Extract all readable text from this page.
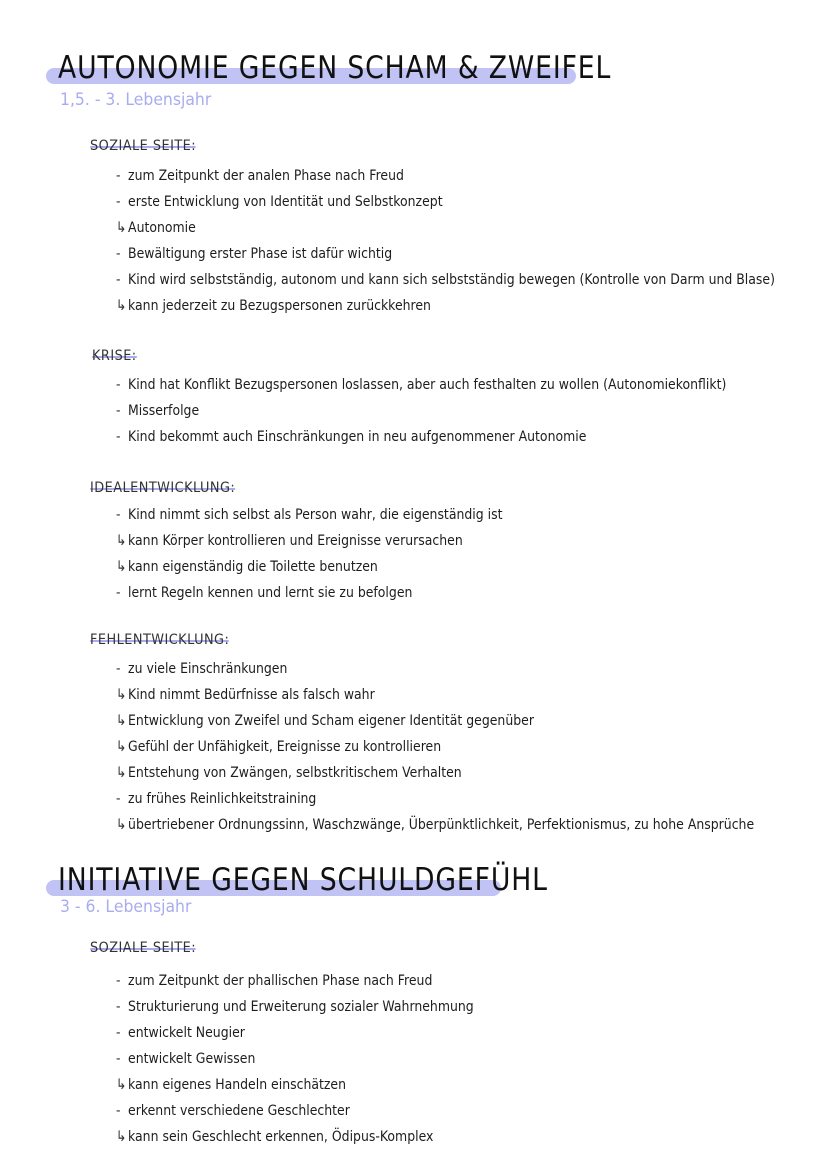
AUTONOMIE GEGEN SCHAM & ZWEIFEL
1,5. - 3. Lebensjahr
SOZIALE SEITE:
- zum Zeitpunkt der analen Phase nach Freud
- erste Entwicklung von Identität und Selbstkonzept
↳ Autonomie
- Bewältigung erster Phase ist dafür wichtig
- Kind wird selbstständig, autonom und kann sich selbstständig bewegen (Kontrolle von Darm und Blase)
↳ kann jederzeit zu Bezugspersonen zurückkehren
KRISE:
- Kind hat Konflikt Bezugspersonen loslassen, aber auch festhalten zu wollen (Autonomiekonflikt)
- Misserfolge
- Kind bekommt auch Einschränkungen in neu aufgenommener Autonomie
IDEALENTWICKLUNG:
- Kind nimmt sich selbst als Person wahr, die eigenständig ist
↳ kann Körper kontrollieren und Ereignisse verursachen
↳ kann eigenständig die Toilette benutzen
- lernt Regeln kennen und lernt sie zu befolgen
FEHLENTWICKLUNG:
- zu viele Einschränkungen
↳ Kind nimmt Bedürfnisse als falsch wahr
↳ Entwicklung von Zweifel und Scham eigener Identität gegenüber
↳ Gefühl der Unfähigkeit, Ereignisse zu kontrollieren
↳ Entstehung von Zwängen, selbstkritischem Verhalten
- zu frühes Reinlichkeitstraining
↳ übertriebener Ordnungssinn, Waschzwänge, Überpünktlichkeit, Perfektionismus, zu hohe Ansprüche
INITIATIVE GEGEN SCHULDGEFÜHL
3 - 6. Lebensjahr
SOZIALE SEITE:
- zum Zeitpunkt der phallischen Phase nach Freud
- Strukturierung und Erweiterung sozialer Wahrnehmung
- entwickelt Neugier
- entwickelt Gewissen
↳ kann eigenes Handeln einschätzen
- erkennt verschiedene Geschlechter
↳ kann sein Geschlecht erkennen, Ödipus-Komplex
